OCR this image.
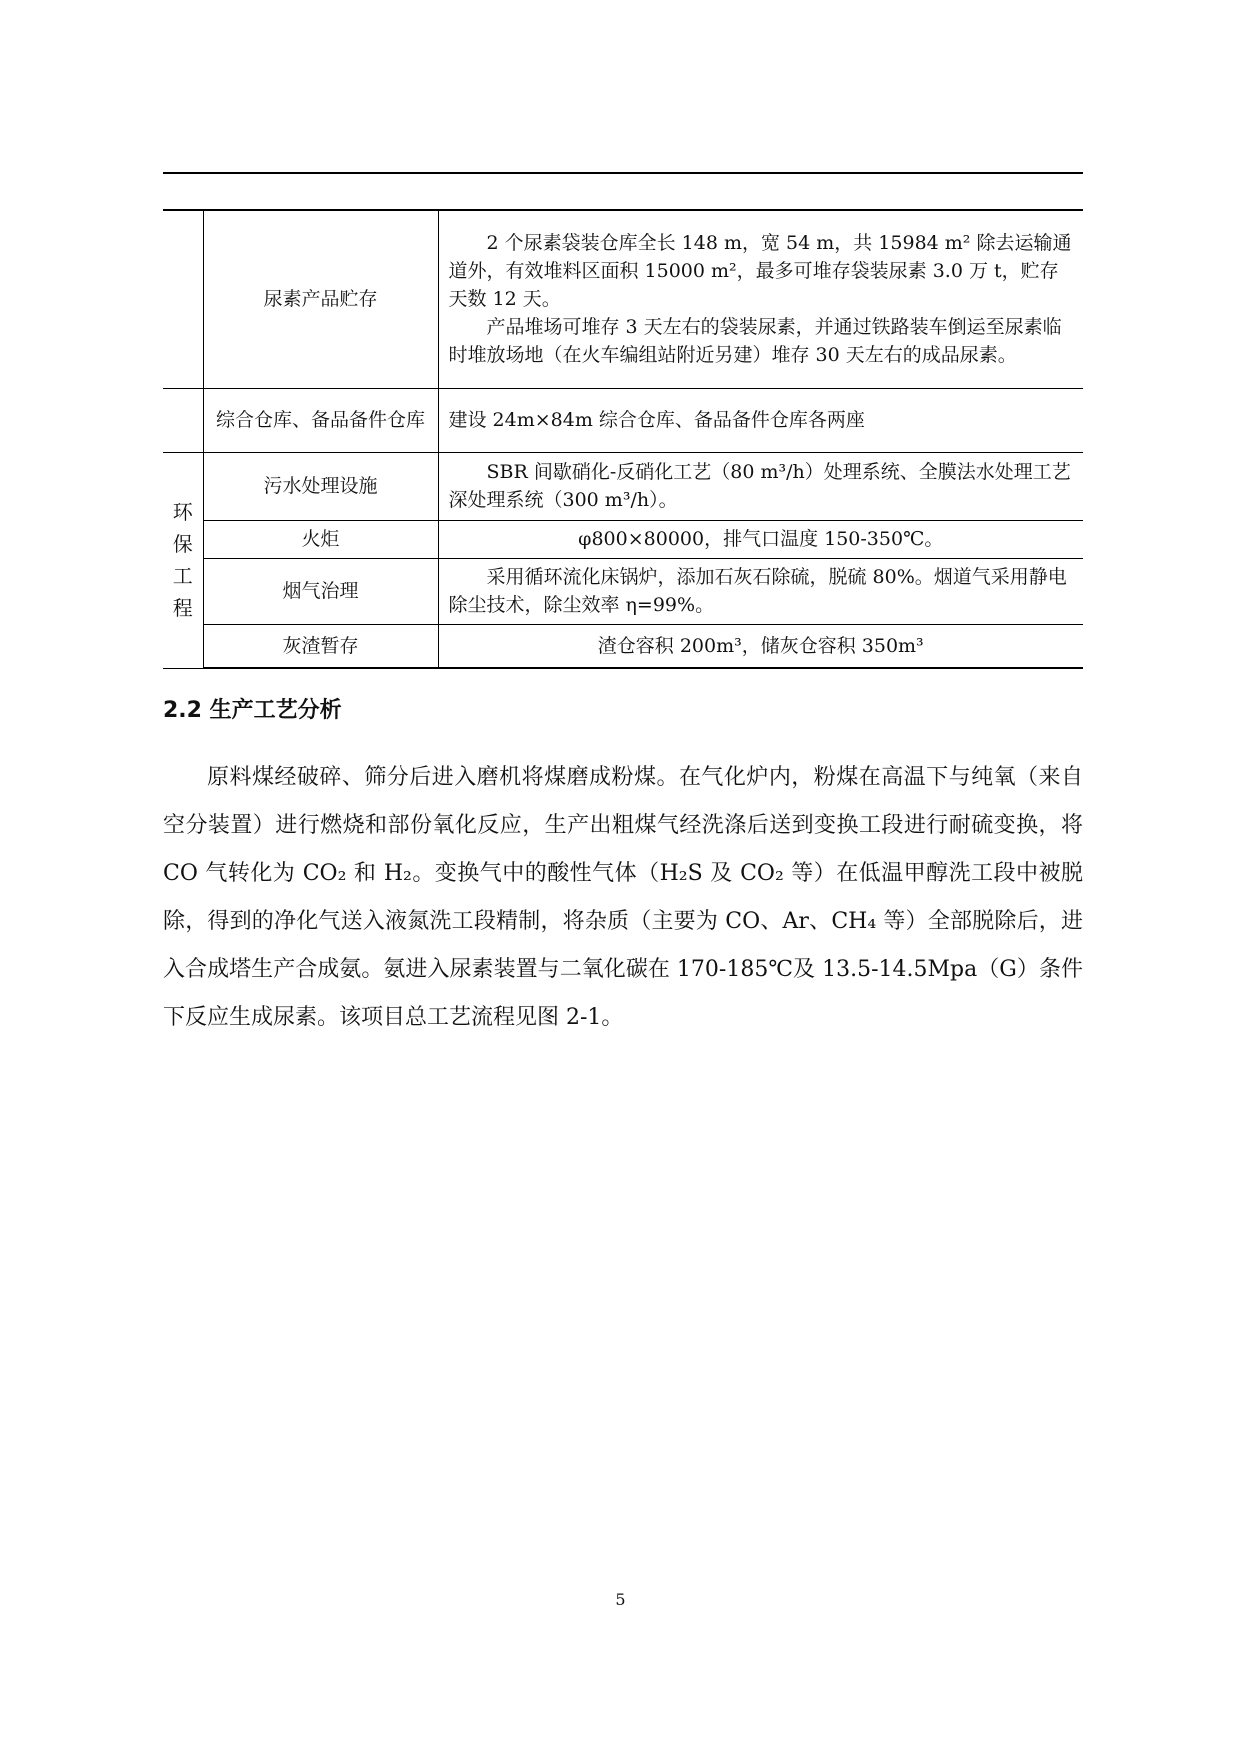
	尿素产品贮存	2 个尿素袋装仓库全长 148 m，宽 54 m，共 15984 m² 除去运输通道外，有效堆料区面积 15000 m²，最多可堆存袋装尿素 3.0 万 t，贮存天数 12 天。
产品堆场可堆存 3 天左右的袋装尿素，并通过铁路装车倒运至尿素临时堆放场地（在火车编组站附近另建）堆存 30 天左右的成品尿素。

	综合仓库、备品备件仓库	建设 24m×84m 综合仓库、备品备件仓库各两座

环
保
工
程	污水处理设施	SBR 间歇硝化-反硝化工艺（80 m³/h）处理系统、全膜法水处理工艺深处理系统（300 m³/h）。
	火炬	φ800×80000，排气口温度 150-350℃。
	烟气治理	采用循环流化床锅炉，添加石灰石除硫，脱硫 80%。烟道气采用静电除尘技术，除尘效率 η=99%。
	灰渣暂存	渣仓容积 200m³，储灰仓容积 350m³
2.2 生产工艺分析

原料煤经破碎、筛分后进入磨机将煤磨成粉煤。在气化炉内，粉煤在高温下与纯氧（来自空分装置）进行燃烧和部份氧化反应，生产出粗煤气经洗涤后送到变换工段进行耐硫变换，将 CO 气转化为 CO₂ 和 H₂。变换气中的酸性气体（H₂S 及 CO₂ 等）在低温甲醇洗工段中被脱除，得到的净化气送入液氮洗工段精制，将杂质（主要为 CO、Ar、CH₄ 等）全部脱除后，进入合成塔生产合成氨。氨进入尿素装置与二氧化碳在 170-185℃及 13.5-14.5Mpa（G）条件下反应生成尿素。该项目总工艺流程见图 2-1。

5
